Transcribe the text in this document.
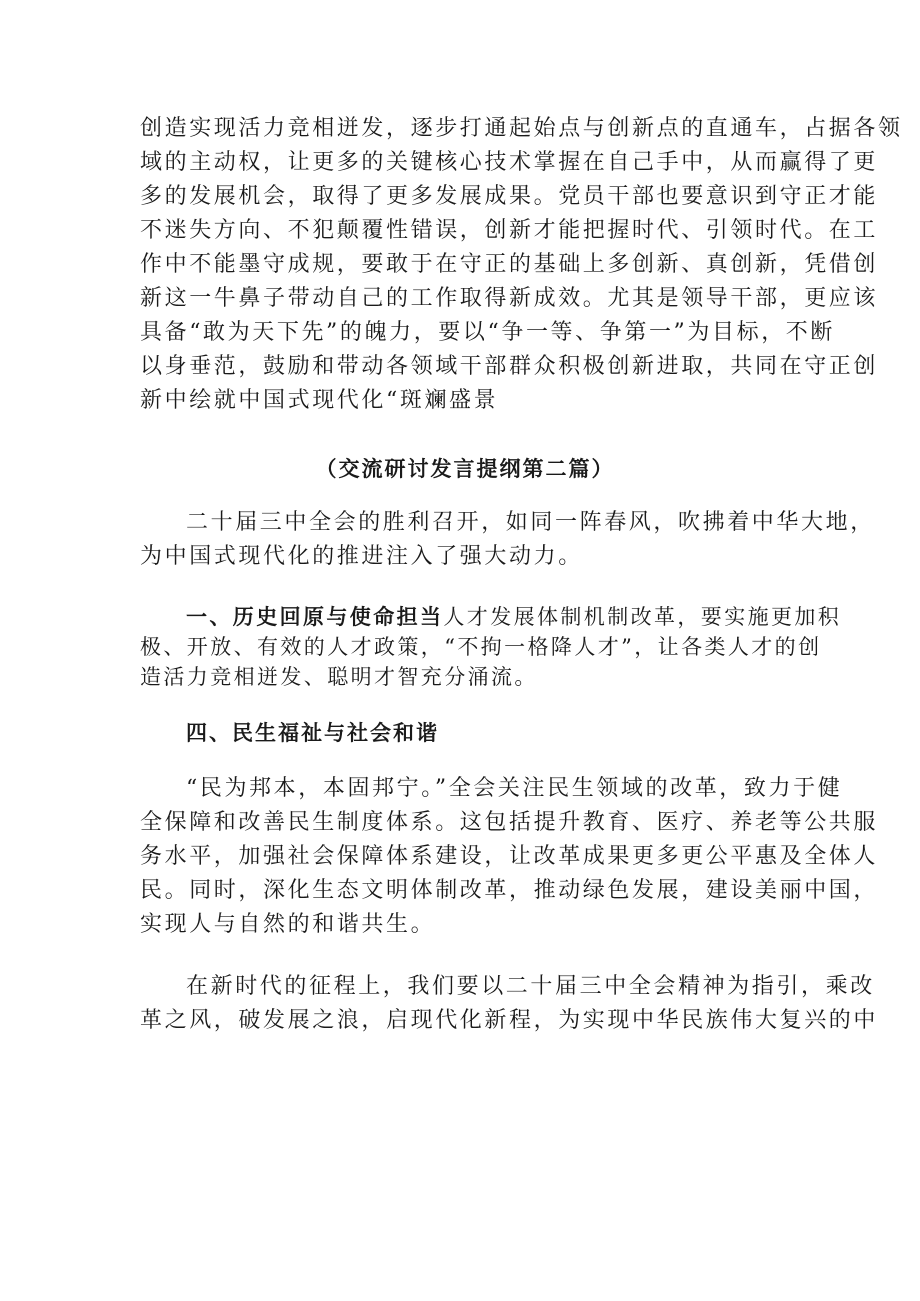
创造实现活力竞相迸发，逐步打通起始点与创新点的直通车，占据各领
域的主动权，让更多的关键核心技术掌握在自己手中，从而赢得了更
多的发展机会，取得了更多发展成果。党员干部也要意识到守正才能
不迷失方向、不犯颠覆性错误，创新才能把握时代、引领时代。在工
作中不能墨守成规，要敢于在守正的基础上多创新、真创新，凭借创
新这一牛鼻子带动自己的工作取得新成效。尤其是领导干部，更应该
具备“敢为天下先”的魄力，要以“争一等、争第一”为目标，不断
以身垂范，鼓励和带动各领域干部群众积极创新进取，共同在守正创
新中绘就中国式现代化“斑斓盛景
（交流研讨发言提纲第二篇）
二十届三中全会的胜利召开，如同一阵春风，吹拂着中华大地，
为中国式现代化的推进注入了强大动力。
一、历史回原与使命担当人才发展体制机制改革，要实施更加积
极、开放、有效的人才政策，“不拘一格降人才”，让各类人才的创
造活力竞相迸发、聪明才智充分涌流。
四、民生福祉与社会和谐
“民为邦本，本固邦宁。”全会关注民生领域的改革，致力于健
全保障和改善民生制度体系。这包括提升教育、医疗、养老等公共服
务水平，加强社会保障体系建设，让改革成果更多更公平惠及全体人
民。同时，深化生态文明体制改革，推动绿色发展，建设美丽中国，
实现人与自然的和谐共生。
在新时代的征程上，我们要以二十届三中全会精神为指引，乘改
革之风，破发展之浪，启现代化新程，为实现中华民族伟大复兴的中
